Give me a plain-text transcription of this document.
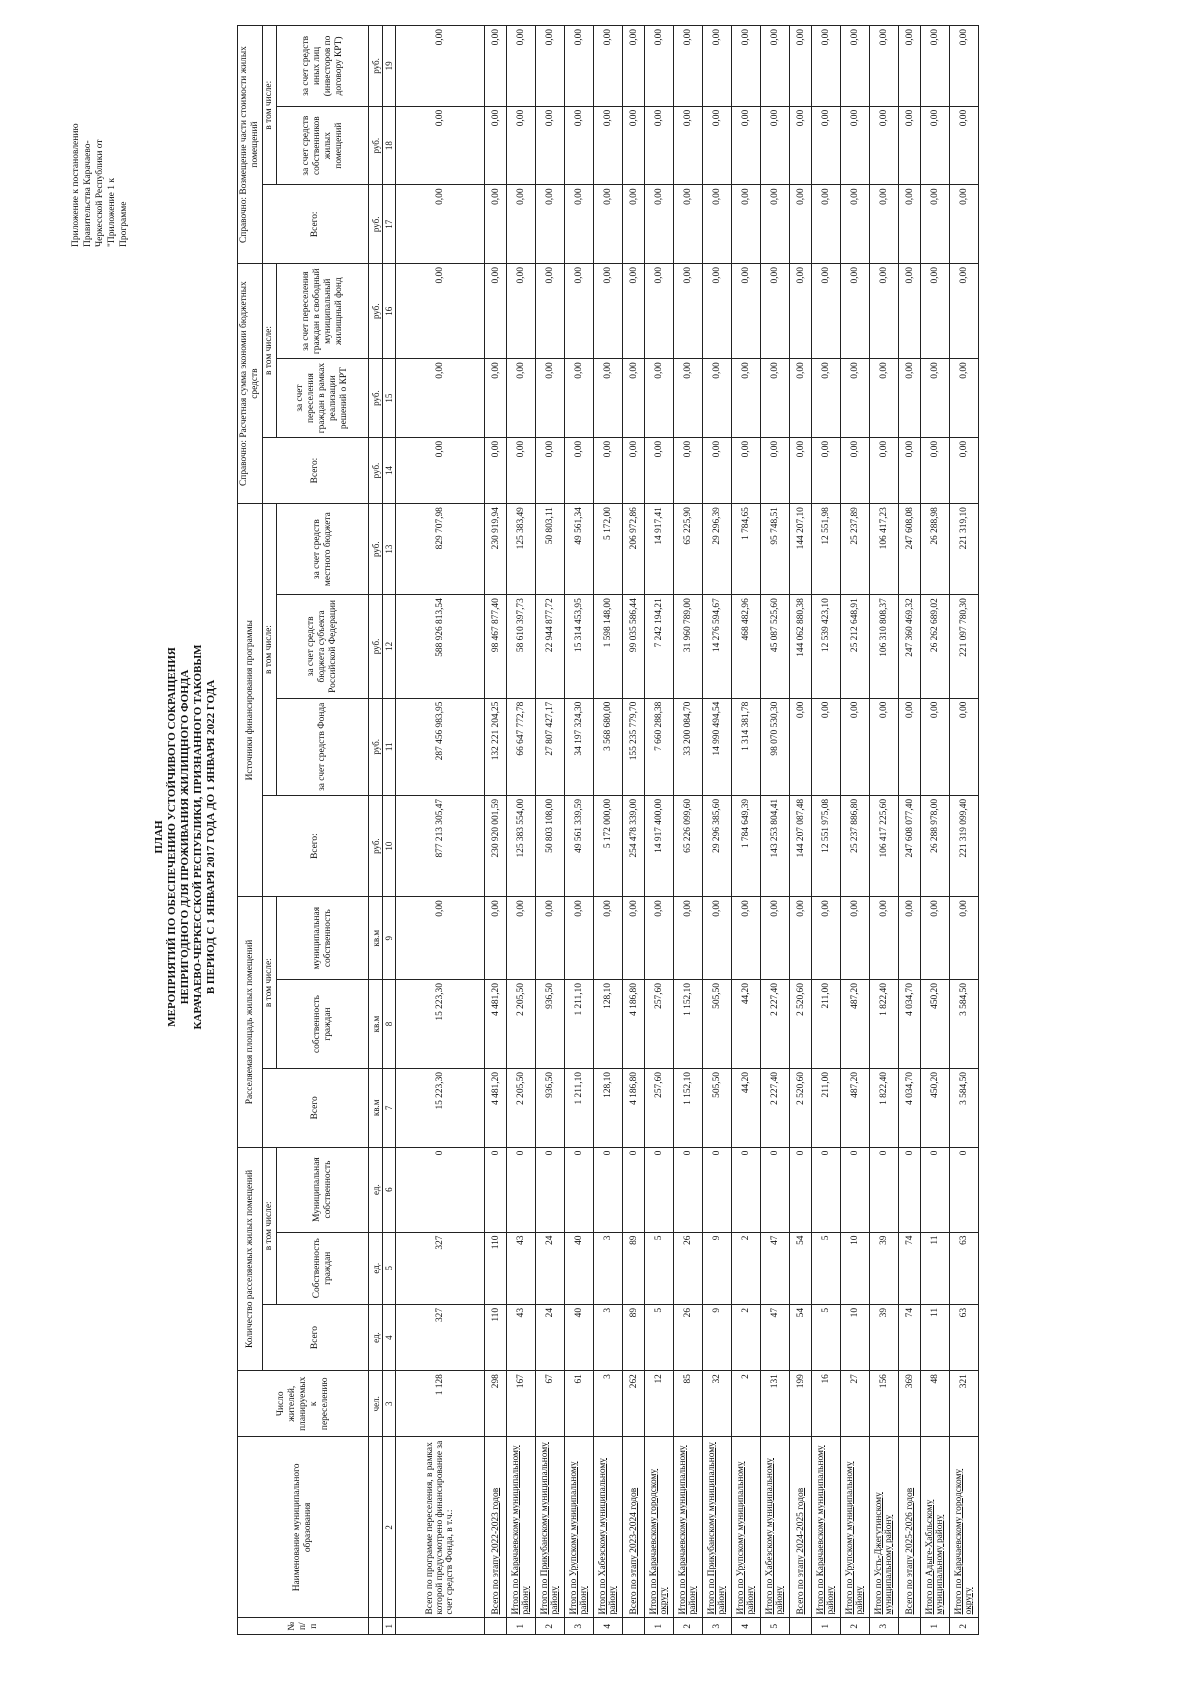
Приложение к постановлению Правительства Карачаево- Черкесской Республики от "Приложение 1 к Программе
ПЛАН МЕРОПРИЯТИЙ ПО ОБЕСПЕЧЕНИЮ УСТОЙЧИВОГО СОКРАЩЕНИЯ НЕПРИГОДНОГО ДЛЯ ПРОЖИВАНИЯ ЖИЛИЩНОГО ФОНДА КАРАЧАЕВО-ЧЕРКЕССКОЙ РЕСПУБЛИКИ, ПРИЗНАННОГО ТАКОВЫМ В ПЕРИОД С 1 ЯНВАРЯ 2017 ГОДА ДО 1 ЯНВАРЯ 2022 ГОДА
№ п/ п	Наименование муниципального образования	Число жителей, планируемых к переселению	Количество расселяемых жилых помещений			Расселяемая площадь жилых помещений			Источники финансирования программы				Справочно: Расчетная сумма экономии бюджетных средств			Справочно: Возмещение части стоимости жилых помещений		
			Всего	в том числе:		Всего	в том числе:		Всего:	в том числе:			Всего:	в том числе:		Всего:	в том числе:	
				Собственность граждан	Муниципальная собственность		собственность граждан	муниципальная собственность		за счет средств Фонда	за счет средств бюджета субъекта Российской Федерации	за счет средств местного бюджета		за счет переселения граждан в рамках реализации решений о КРТ	за счет переселения граждан в свободный муниципальный жилищный фонд		за счет средств собственников жилых помещений	за счет средств иных лиц (инвесторов по договору КРТ)
		чел.	ед.	ед.	ед.	кв.м	кв.м	кв.м	руб.	руб.	руб.	руб.	руб.	руб.	руб.	руб.	руб.	руб.
1	2	3	4	5	6	7	8	9	10	11	12	13	14	15	16	17	18	19
	Всего по программе переселения, в рамках которой предусмотрено финансирование за счет средств Фонда, в т.ч.:	1 128	327	327	0	15 223,30	15 223,30	0,00	877 213 305,47	287 456 983,95	588 926 813,54	829 707,98	0,00	0,00	0,00	0,00	0,00	0,00
	Всего по этапу 2022-2023 годов	298	110	110	0	4 481,20	4 481,20	0,00	230 920 001,59	132 221 204,25	98 467 877,40	230 919,94	0,00	0,00	0,00	0,00	0,00	0,00
1	Итого по Карачаевскому муниципальному району	167	43	43	0	2 205,50	2 205,50	0,00	125 383 554,00	66 647 772,78	58 610 397,73	125 383,49	0,00	0,00	0,00	0,00	0,00	0,00
2	Итого по Прикубанскому муниципальному району	67	24	24	0	936,50	936,50	0,00	50 803 108,00	27 807 427,17	22 944 877,72	50 803,11	0,00	0,00	0,00	0,00	0,00	0,00
3	Итого по Урупскому муниципальному району	61	40	40	0	1 211,10	1 211,10	0,00	49 561 339,59	34 197 324,30	15 314 453,95	49 561,34	0,00	0,00	0,00	0,00	0,00	0,00
4	Итого по Хабезскому муниципальному району	3	3	3	0	128,10	128,10	0,00	5 172 000,00	3 568 680,00	1 598 148,00	5 172,00	0,00	0,00	0,00	0,00	0,00	0,00
	Всего по этапу 2023-2024 годов	262	89	89	0	4 186,80	4 186,80	0,00	254 478 339,00	155 235 779,70	99 035 586,44	206 972,86	0,00	0,00	0,00	0,00	0,00	0,00
1	Итого по Карачаевскому городскому округу	12	5	5	0	257,60	257,60	0,00	14 917 400,00	7 660 288,38	7 242 194,21	14 917,41	0,00	0,00	0,00	0,00	0,00	0,00
2	Итого по Карачаевскому муниципальному району	85	26	26	0	1 152,10	1 152,10	0,00	65 226 099,60	33 200 084,70	31 960 789,00	65 225,90	0,00	0,00	0,00	0,00	0,00	0,00
3	Итого по Прикубанскому муниципальному району	32	9	9	0	505,50	505,50	0,00	29 296 385,60	14 990 494,54	14 276 594,67	29 296,39	0,00	0,00	0,00	0,00	0,00	0,00
4	Итого по Урупскому муниципальному району	2	2	2	0	44,20	44,20	0,00	1 784 649,39	1 314 381,78	468 482,96	1 784,65	0,00	0,00	0,00	0,00	0,00	0,00
5	Итого по Хабезскому муниципальному району	131	47	47	0	2 227,40	2 227,40	0,00	143 253 804,41	98 070 530,30	45 087 525,60	95 748,51	0,00	0,00	0,00	0,00	0,00	0,00
	Всего по этапу 2024-2025 годов	199	54	54	0	2 520,60	2 520,60	0,00	144 207 087,48	0,00	144 062 880,38	144 207,10	0,00	0,00	0,00	0,00	0,00	0,00
1	Итого по Карачаевскому муниципальному району	16	5	5	0	211,00	211,00	0,00	12 551 975,08	0,00	12 539 423,10	12 551,98	0,00	0,00	0,00	0,00	0,00	0,00
2	Итого по Урупскому муниципальному району	27	10	10	0	487,20	487,20	0,00	25 237 886,80	0,00	25 212 648,91	25 237,89	0,00	0,00	0,00	0,00	0,00	0,00
3	Итого по Усть-Джегутинскому муниципальному району	156	39	39	0	1 822,40	1 822,40	0,00	106 417 225,60	0,00	106 310 808,37	106 417,23	0,00	0,00	0,00	0,00	0,00	0,00
	Всего по этапу 2025-2026 годов	369	74	74	0	4 034,70	4 034,70	0,00	247 608 077,40	0,00	247 360 469,32	247 608,08	0,00	0,00	0,00	0,00	0,00	0,00
1	Итого по Адыге-Хабльскому муниципальному району	48	11	11	0	450,20	450,20	0,00	26 288 978,00	0,00	26 262 689,02	26 288,98	0,00	0,00	0,00	0,00	0,00	0,00
2	Итого по Карачаевскому городскому округу	321	63	63	0	3 584,50	3 584,50	0,00	221 319 099,40	0,00	221 097 780,30	221 319,10	0,00	0,00	0,00	0,00	0,00	0,00
